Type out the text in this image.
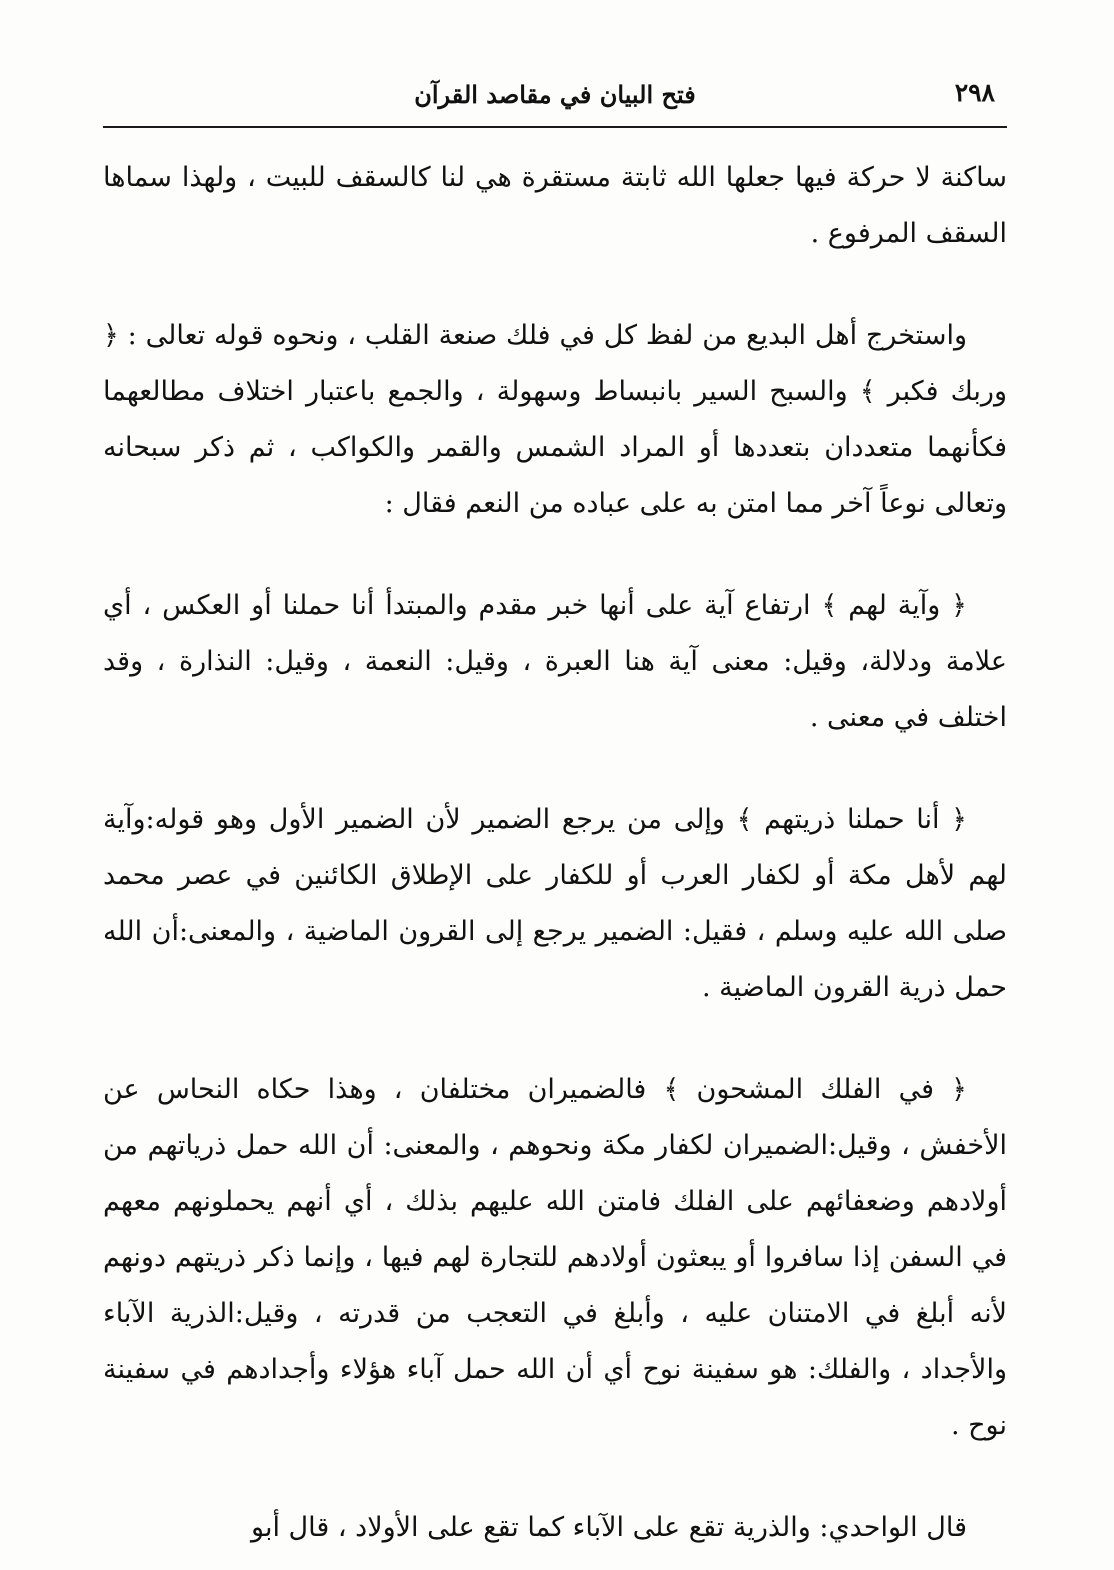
٢٩٨
فتح البيان في مقاصد القرآن

ساكنة لا حركة فيها جعلها الله ثابتة مستقرة هي لنا كالسقف للبيت ، ولهذا سماها السقف المرفوع .

واستخرج أهل البديع من لفظ كل في فلك صنعة القلب ، ونحوه قوله تعالى : ﴿ وربك فكبر ﴾ والسبح السير بانبساط وسهولة ، والجمع باعتبار اختلاف مطالعهما فكأنهما متعددان بتعددها أو المراد الشمس والقمر والكواكب ، ثم ذكر سبحانه وتعالى نوعاً آخر مما امتن به على عباده من النعم فقال :

﴿ وآية لهم ﴾ ارتفاع آية على أنها خبر مقدم والمبتدأ أنا حملنا أو العكس ، أي علامة ودلالة، وقيل: معنى آية هنا العبرة ، وقيل: النعمة ، وقيل: النذارة ، وقد اختلف في معنى .

﴿ أنا حملنا ذريتهم ﴾ وإلى من يرجع الضمير لأن الضمير الأول وهو قوله:وآية لهم لأهل مكة أو لكفار العرب أو للكفار على الإطلاق الكائنين في عصر محمد صلى الله عليه وسلم ، فقيل: الضمير يرجع إلى القرون الماضية ، والمعنى:أن الله حمل ذرية القرون الماضية .

﴿ في الفلك المشحون ﴾ فالضميران مختلفان ، وهذا حكاه النحاس عن الأخفش ، وقيل:الضميران لكفار مكة ونحوهم ، والمعنى: أن الله حمل ذرياتهم من أولادهم وضعفائهم على الفلك فامتن الله عليهم بذلك ، أي أنهم يحملونهم معهم في السفن إذا سافروا أو يبعثون أولادهم للتجارة لهم فيها ، وإنما ذكر ذريتهم دونهم لأنه أبلغ في الامتنان عليه ، وأبلغ في التعجب من قدرته ، وقيل:الذرية الآباء والأجداد ، والفلك: هو سفينة نوح أي أن الله حمل آباء هؤلاء وأجدادهم في سفينة نوح .

قال الواحدي: والذرية تقع على الآباء كما تقع على الأولاد ، قال أبو
